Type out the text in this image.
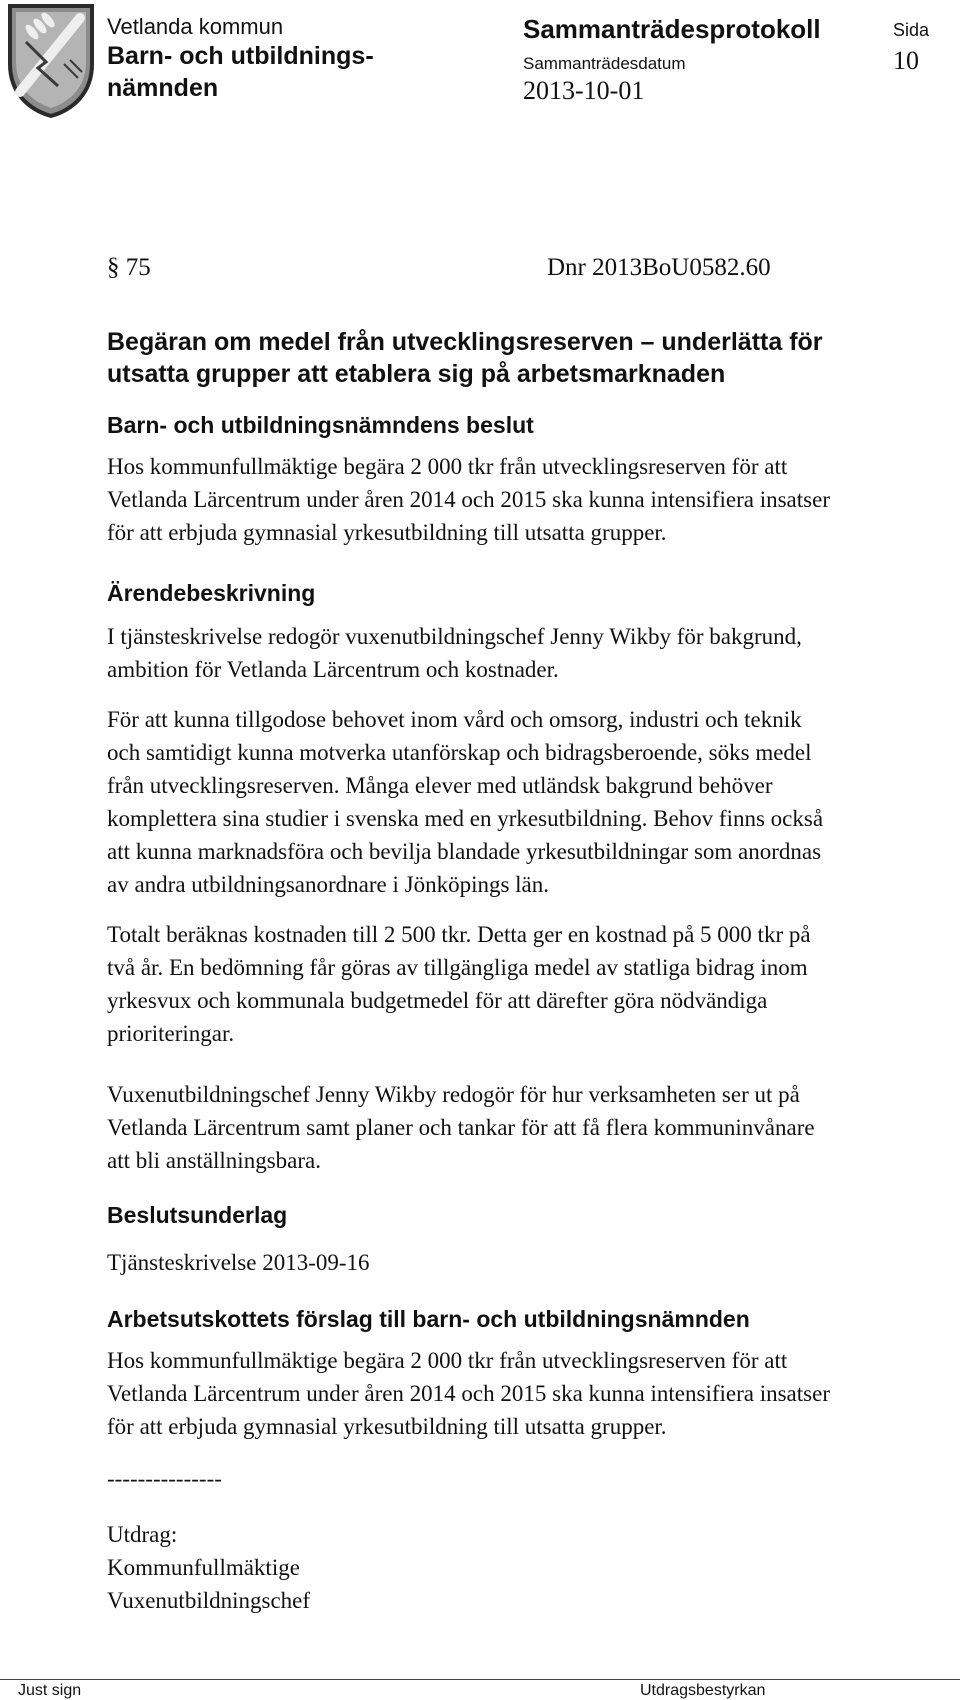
Vetlanda kommun
Barn- och utbildnings-
nämnden
Sammanträdesprotokoll	Sida
Sammanträdesdatum	10
2013-10-01
§ 75	Dnr 2013BoU0582.60
Begäran om medel från utvecklingsreserven – underlätta för
utsatta grupper att etablera sig på arbetsmarknaden
Barn- och utbildningsnämndens beslut
Hos kommunfullmäktige begära 2 000 tkr från utvecklingsreserven för att
Vetlanda Lärcentrum under åren 2014 och 2015 ska kunna intensifiera insatser
för att erbjuda gymnasial yrkesutbildning till utsatta grupper.
Ärendebeskrivning
I tjänsteskrivelse redogör vuxenutbildningschef Jenny Wikby för bakgrund,
ambition för Vetlanda Lärcentrum och kostnader.
För att kunna tillgodose behovet inom vård och omsorg, industri och teknik
och samtidigt kunna motverka utanförskap och bidragsberoende, söks medel
från utvecklingsreserven. Många elever med utländsk bakgrund behöver
komplettera sina studier i svenska med en yrkesutbildning. Behov finns också
att kunna marknadsföra och bevilja blandade yrkesutbildningar som anordnas
av andra utbildningsanordnare i Jönköpings län.
Totalt beräknas kostnaden till 2 500 tkr. Detta ger en kostnad på 5 000 tkr på
två år. En bedömning får göras av tillgängliga medel av statliga bidrag inom
yrkesvux och kommunala budgetmedel för att därefter göra nödvändiga
prioriteringar.
Vuxenutbildningschef Jenny Wikby redogör för hur verksamheten ser ut på
Vetlanda Lärcentrum samt planer och tankar för att få flera kommuninvånare
att bli anställningsbara.
Beslutsunderlag
Tjänsteskrivelse 2013-09-16
Arbetsutskottets förslag till barn- och utbildningsnämnden
Hos kommunfullmäktige begära 2 000 tkr från utvecklingsreserven för att
Vetlanda Lärcentrum under åren 2014 och 2015 ska kunna intensifiera insatser
för att erbjuda gymnasial yrkesutbildning till utsatta grupper.
---------------
Utdrag:
Kommunfullmäktige
Vuxenutbildningschef
Just sign	Utdragsbestyrkan
